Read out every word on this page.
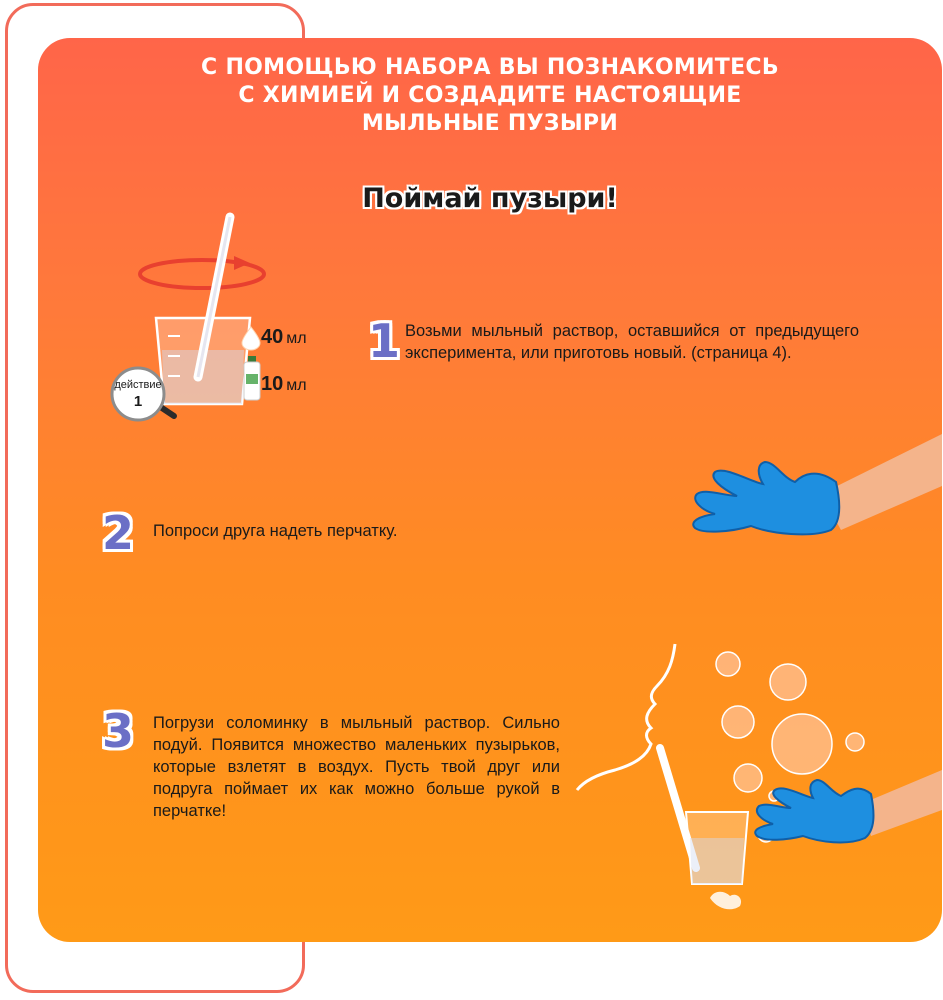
С ПОМОЩЬЮ НАБОРА ВЫ ПОЗНАКОМИТЕСЬ
С ХИМИЕЙ И СОЗДАДИТЕ НАСТОЯЩИЕ
МЫЛЬНЫЕ ПУЗЫРИ
Поймай пузыри!
40 мл
10 мл
действие
1
1 Возьми мыльный раствор, оставшийся от предыдущего эксперимента, или приготовь новый. (страница 4).
2 Попроси друга надеть перчатку.
3 Погрузи соломинку в мыльный раствор. Сильно подуй. Появится множество маленьких пузырьков, которые взлетят в воздух. Пусть твой друг или подруга поймает их как можно больше рукой в перчатке!
